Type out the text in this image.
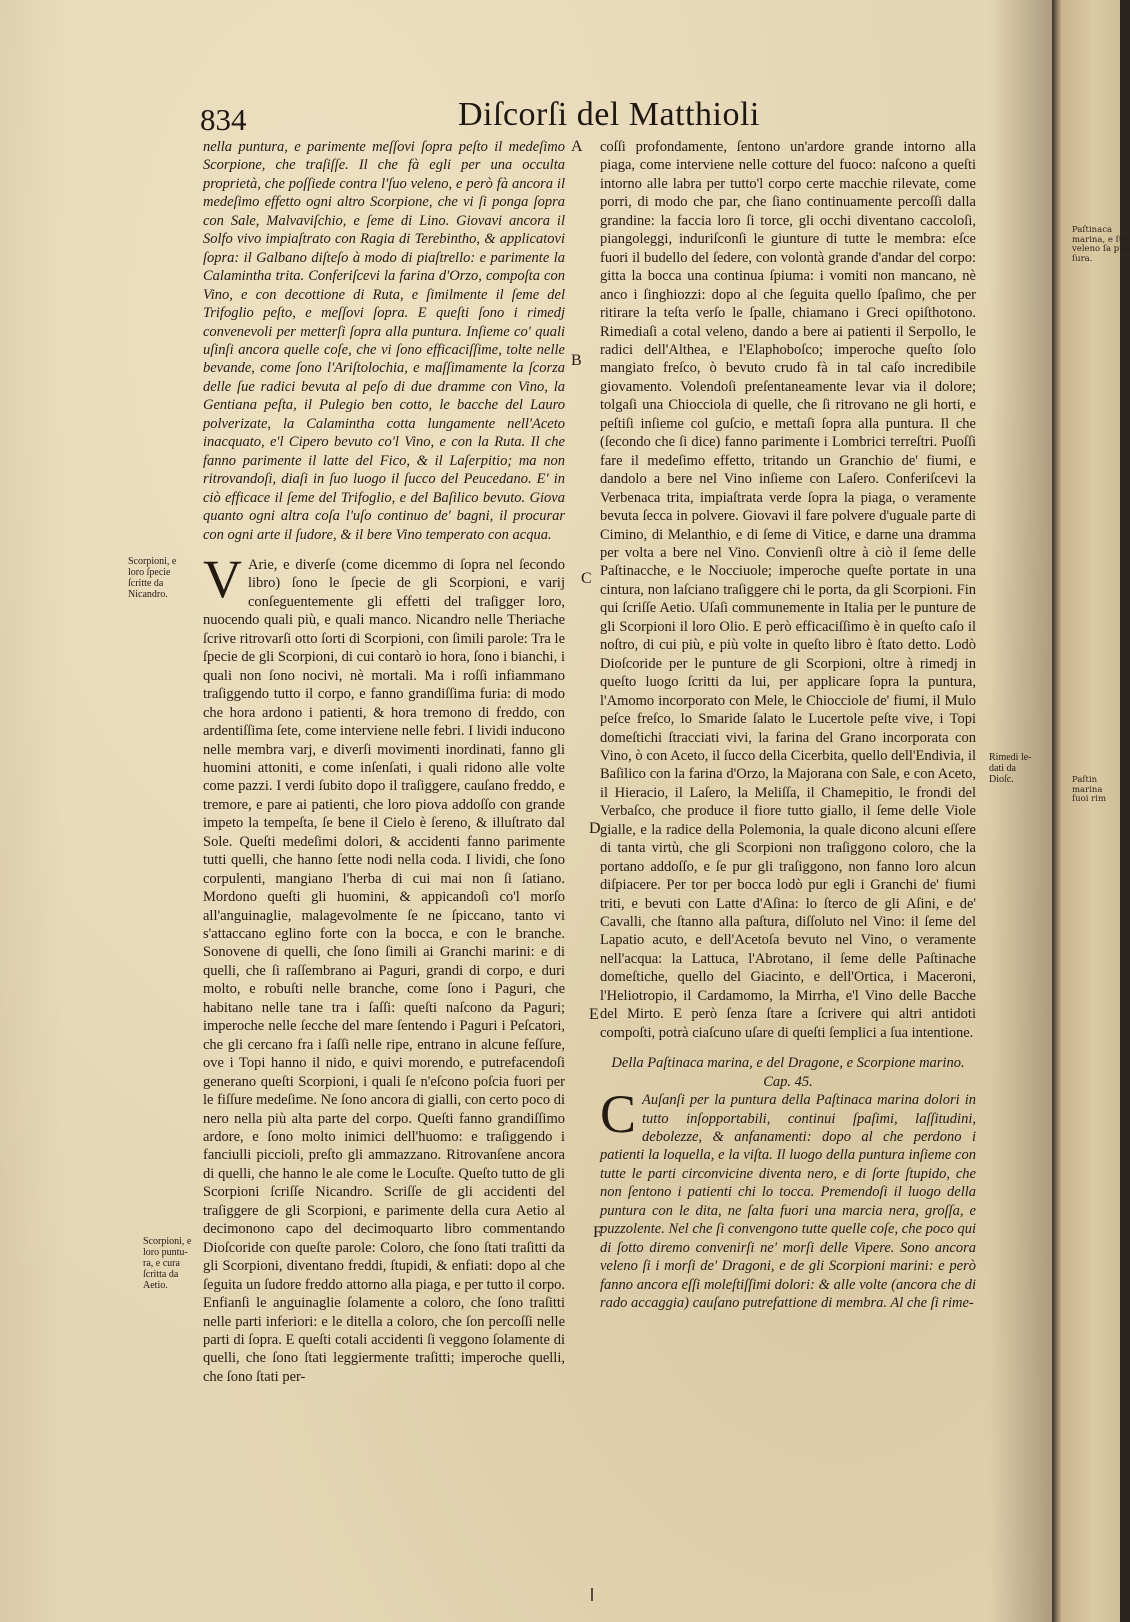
834	Diſcorſi del Matthioli

nella puntura, e parimente meſſovi ſopra peſto il medeſimo Scorpione, che traſiſſe. Il che fà egli per una occulta proprietà, che poſſiede contra l'ſuo veleno, e però fà ancora il medeſimo effetto ogni altro Scorpione, che vi ſi ponga ſopra con Sale, Malvaviſchio, e ſeme di Lino. Giovavi ancora il Solfo vivo impiaſtrato con Ragia di Terebintho, & applicatovi ſopra: il Galbano diſteſo à modo di piaſtrello: e parimente la Calamintha trita. Conferiſcevi la farina d'Orzo, compoſta con Vino, e con decottione di Ruta, e ſimilmente il ſeme del Trifoglio peſto, e meſſovi ſopra. E queſti ſono i rimedj convenevoli per metterſi ſopra alla puntura. Inſieme co' quali uſinſi ancora quelle coſe, che vi ſono efficaciſſime, tolte nelle bevande, come ſono l'Ariſtolochia, e maſſimamente la ſcorza delle ſue radici bevuta al peſo di due dramme con Vino, la Gentiana peſta, il Pulegio ben cotto, le bacche del Lauro polverizate, la Calamintha cotta lungamente nell'Aceto inacquato, e'l Cipero bevuto co'l Vino, e con la Ruta. Il che fanno parimente il latte del Fico, & il Laſerpitio; ma non ritrovandoſi, diaſi in ſuo luogo il ſucco del Peucedano. E' in ciò efficace il ſeme del Trifoglio, e del Baſilico bevuto. Giova quanto ogni altra coſa l'uſo continuo de' bagni, il procurar con ogni arte il ſudore, & il bere Vino temperato con acqua.

V Arie, e diverſe (come dicemmo di ſopra nel ſecondo libro) ſono le ſpecie de gli Scorpioni, e varij conſeguentemente gli effetti del traſigger loro, nuocendo quali più, e quali manco. Nicandro nelle Theriache ſcrive ritrovarſi otto ſorti di Scorpioni, con ſimili parole: Tra le ſpecie de gli Scorpioni, di cui contarò io hora, ſono i bianchi, i quali non ſono nocivi, nè mortali. Ma i roſſi infiammano traſiggendo tutto il corpo, e fanno grandiſſima furia: di modo che hora ardono i patienti, & hora tremono di freddo, con ardentiſſima ſete, come interviene nelle febri. I lividi inducono nelle membra varj, e diverſi movimenti inordinati, fanno gli huomini attoniti, e come inſenſati, i quali ridono alle volte come pazzi. I verdi ſubito dopo il traſiggere, cauſano freddo, e tremore, e pare ai patienti, che loro piova addoſſo con grande impeto la tempeſta, ſe bene il Cielo è ſereno, & illuſtrato dal Sole. Queſti medeſimi dolori, & accidenti fanno parimente tutti quelli, che hanno ſette nodi nella coda. I lividi, che ſono corpulenti, mangiano l'herba di cui mai non ſi ſatiano. Mordono queſti gli huomini, & appicandoſi co'l morſo all'anguinaglie, malagevolmente ſe ne ſpiccano, tanto vi s'attaccano eglino forte con la bocca, e con le branche. Sonovene di quelli, che ſono ſimili ai Granchi marini: e di quelli, che ſi raſſembrano ai Paguri, grandi di corpo, e duri molto, e robuſti nelle branche, come ſono i Paguri, che habitano nelle tane tra i ſaſſi: queſti naſcono da Paguri; imperoche nelle ſecche del mare ſentendo i Paguri i Peſcatori, che gli cercano fra i ſaſſi nelle ripe, entrano in alcune feſſure, ove i Topi hanno il nido, e quivi morendo, e putrefacendoſi generano queſti Scorpioni, i quali ſe n'eſcono poſcia fuori per le fiſſure medeſime. Ne ſono ancora di gialli, con certo poco di nero nella più alta parte del corpo. Queſti fanno grandiſſimo ardore, e ſono molto inimici dell'huomo: e traſiggendo i fanciulli piccioli, preſto gli ammazzano. Ritrovanſene ancora di quelli, che hanno le ale come le Locuſte. Queſto tutto de gli Scorpioni ſcriſſe Nicandro. Scriſſe de gli accidenti del traſiggere de gli Scorpioni, e parimente della cura Aetio al decimonono capo del decimoquarto libro commentando Dioſcoride con queſte parole: Coloro, che ſono ſtati traſitti da gli Scorpioni, diventano freddi, ſtupidi, & enfiati: dopo al che ſeguita un ſudore freddo attorno alla piaga, e per tutto il corpo. Enfianſi le anguinaglie ſolamente a coloro, che ſono traſitti nelle parti inferiori: e le ditella a coloro, che ſon percoſſi nelle parti di ſopra. E queſti cotali accidenti ſi veggono ſolamente di quelli, che ſono ſtati leggiermente traſitti; imperoche quelli, che ſono ſtati per-

coſſi profondamente, ſentono un'ardore grande intorno alla piaga, come interviene nelle cotture del fuoco: naſcono a queſti intorno alle labra per tutto'l corpo certe macchie rilevate, come porri, di modo che par, che ſiano continuamente percoſſi dalla grandine: la faccia loro ſi torce, gli occhi diventano caccoloſi, piangoleggi, induriſconſi le giunture di tutte le membra: eſce fuori il budello del ſedere, con volontà grande d'andar del corpo: gitta la bocca una continua ſpiuma: i vomiti non mancano, nè anco i ſinghiozzi: dopo al che ſeguita quello ſpaſimo, che per ritirare la teſta verſo le ſpalle, chiamano i Greci opiſthotono. Rimediaſi a cotal veleno, dando a bere ai patienti il Serpollo, le radici dell'Althea, e l'Elaphoboſco; imperoche queſto ſolo mangiato freſco, ò bevuto crudo fà in tal caſo incredibile giovamento. Volendoſi preſentaneamente levar via il dolore; tolgaſi una Chiocciola di quelle, che ſi ritrovano ne gli horti, e peſtiſi inſieme col guſcio, e mettaſi ſopra alla puntura. Il che (ſecondo che ſi dice) fanno parimente i Lombrici terreſtri. Puoſſi fare il medeſimo effetto, tritando un Granchio de' fiumi, e dandolo a bere nel Vino inſieme con Laſero. Conferiſcevi la Verbenaca trita, impiaſtrata verde ſopra la piaga, o veramente bevuta ſecca in polvere. Giovavi il fare polvere d'uguale parte di Cimino, di Melanthio, e di ſeme di Vitice, e darne una dramma per volta a bere nel Vino. Convienſi oltre à ciò il ſeme delle Paſtinacche, e le Nocciuole; imperoche queſte portate in una cintura, non laſciano traſiggere chi le porta, da gli Scorpioni. Fin qui ſcriſſe Aetio. Uſaſi communemente in Italia per le punture de gli Scorpioni il loro Olio. E però efficaciſſimo è in queſto caſo il noſtro, di cui più, e più volte in queſto libro è ſtato detto. Lodò Dioſcoride per le punture de gli Scorpioni, oltre à rimedj in queſto luogo ſcritti da lui, per applicare ſopra la puntura, l'Amomo incorporato con Mele, le Chiocciole de' fiumi, il Mulo peſce freſco, lo Smaride ſalato le Lucertole peſte vive, i Topi domeſtichi ſtracciati vivi, la farina del Grano incorporata con Vino, ò con Aceto, il ſucco della Cicerbita, quello dell'Endivia, il Baſilico con la farina d'Orzo, la Majorana con Sale, e con Aceto, il Hieracio, il Laſero, la Meliſſa, il Chamepitio, le frondi del Verbaſco, che produce il fiore tutto giallo, il ſeme delle Viole gialle, e la radice della Polemonia, la quale dicono alcuni eſſere di tanta virtù, che gli Scorpioni non traſiggono coloro, che la portano addoſſo, e ſe pur gli traſiggono, non fanno loro alcun diſpiacere. Per tor per bocca lodò pur egli i Granchi de' fiumi triti, e bevuti con Latte d'Aſina: lo ſterco de gli Aſini, e de' Cavalli, che ſtanno alla paſtura, diſſoluto nel Vino: il ſeme del Lapatio acuto, e dell'Acetoſa bevuto nel Vino, o veramente nell'acqua: la Lattuca, l'Abrotano, il ſeme delle Paſtinache domeſtiche, quello del Giacinto, e dell'Ortica, i Maceroni, l'Heliotropio, il Cardamomo, la Mirrha, e'l Vino delle Bacche del Mirto. E però ſenza ſtare a ſcrivere qui altri antidoti compoſti, potrà ciaſcuno uſare di queſti ſemplici a ſua intentione.

Della Paſtinaca marina, e del Dragone, e Scorpione marino. Cap. 45.

C Auſanſi per la puntura della Paſtinaca marina dolori in tutto inſopportabili, continui ſpaſimi, laſſitudini, debolezze, & anfanamenti: dopo al che perdono i patienti la loquella, e la viſta. Il luogo della puntura inſieme con tutte le parti circonvicine diventa nero, e di ſorte ſtupido, che non ſentono i patienti chi lo tocca. Premendoſi il luogo della puntura con le dita, ne ſalta fuori una marcia nera, groſſa, e puzzolente. Nel che ſi convengono tutte quelle coſe, che poco qui di ſotto diremo convenirſi ne' morſi delle Vipere. Sono ancora veleno ſi i morſi de' Dragoni, e de gli Scorpioni marini: e però fanno ancora eſſi moleſtiſſimi dolori: & alle volte (ancora che di rado accaggia) cauſano putrefattione di membra. Al che ſi rime-

A
B
C
D
E
F
Scorpioni, e
loro ſpecie
ſcritte da
Nicandro.
Scorpioni, e
loro puntu-
ra, e cura
ſcritta da
Aetio.
Rimedi le-
dati da
Dioſc.
Paſtinaca
marina, e ſua
veleno ſa pùn
ſura.
Paſtin
marina
ſuoi rim
